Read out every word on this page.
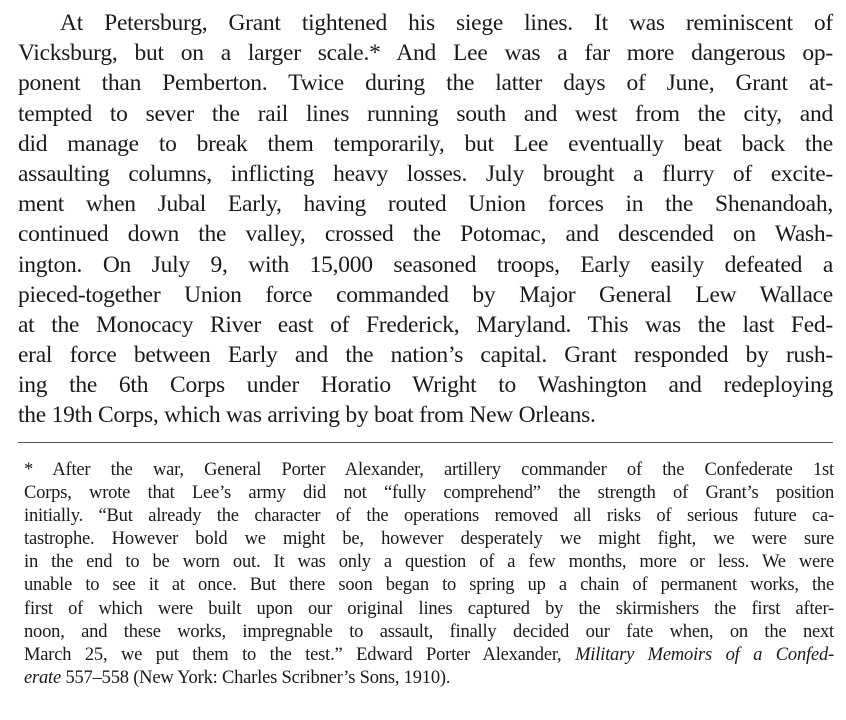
At Petersburg, Grant tightened his siege lines. It was reminiscent of
Vicksburg, but on a larger scale.* And Lee was a far more dangerous op-
ponent than Pemberton. Twice during the latter days of June, Grant at-
tempted to sever the rail lines running south and west from the city, and
did manage to break them temporarily, but Lee eventually beat back the
assaulting columns, inflicting heavy losses. July brought a flurry of excite-
ment when Jubal Early, having routed Union forces in the Shenandoah,
continued down the valley, crossed the Potomac, and descended on Wash-
ington. On July 9, with 15,000 seasoned troops, Early easily defeated a
pieced-together Union force commanded by Major General Lew Wallace
at the Monocacy River east of Frederick, Maryland. This was the last Fed-
eral force between Early and the nation’s capital. Grant responded by rush-
ing the 6th Corps under Horatio Wright to Washington and redeploying
the 19th Corps, which was arriving by boat from New Orleans.
* After the war, General Porter Alexander, artillery commander of the Confederate 1st
Corps, wrote that Lee’s army did not “fully comprehend” the strength of Grant’s position
initially. “But already the character of the operations removed all risks of serious future ca-
tastrophe. However bold we might be, however desperately we might fight, we were sure
in the end to be worn out. It was only a question of a few months, more or less. We were
unable to see it at once. But there soon began to spring up a chain of permanent works, the
first of which were built upon our original lines captured by the skirmishers the first after-
noon, and these works, impregnable to assault, finally decided our fate when, on the next
March 25, we put them to the test.” Edward Porter Alexander, Military Memoirs of a Confed-
erate 557–558 (New York: Charles Scribner’s Sons, 1910).
